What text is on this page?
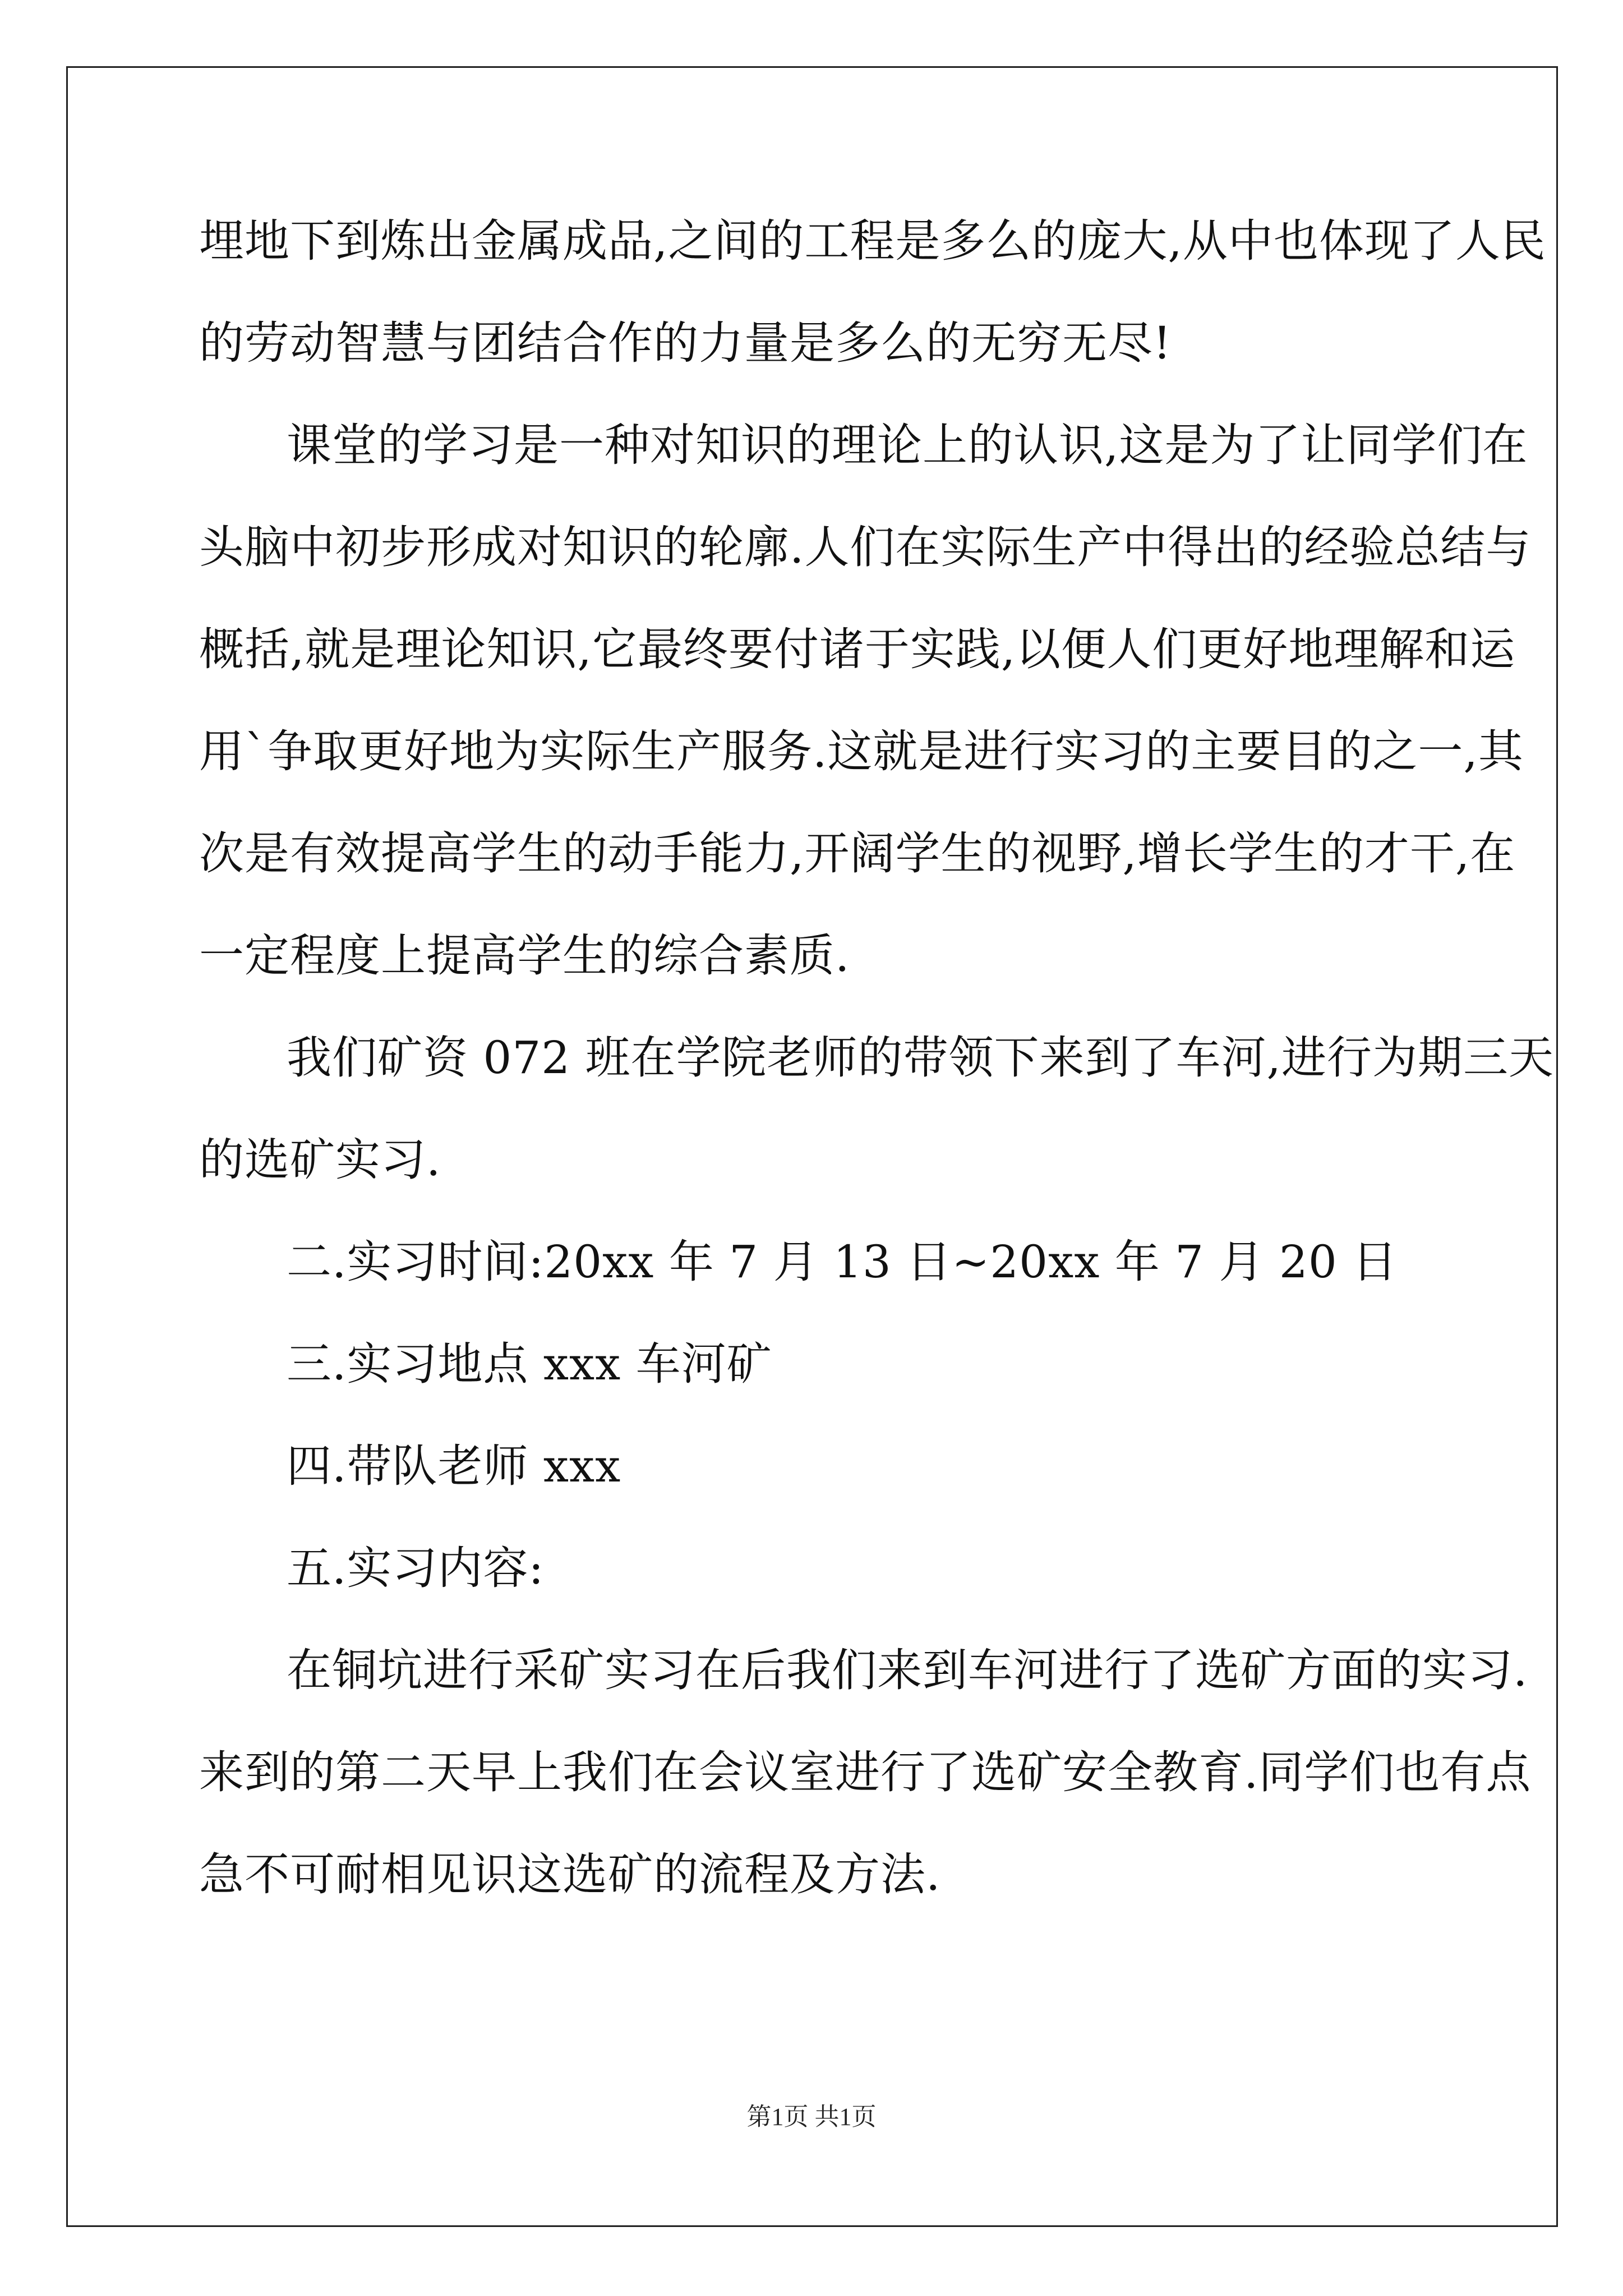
埋地下到炼出金属成品,之间的工程是多么的庞大,从中也体现了人民
的劳动智慧与团结合作的力量是多么的无穷无尽!
课堂的学习是一种对知识的理论上的认识,这是为了让同学们在
头脑中初步形成对知识的轮廓.人们在实际生产中得出的经验总结与
概括,就是理论知识,它最终要付诸于实践,以便人们更好地理解和运
用`争取更好地为实际生产服务.这就是进行实习的主要目的之一,其
次是有效提高学生的动手能力,开阔学生的视野,增长学生的才干,在
一定程度上提高学生的综合素质.
我们矿资 072 班在学院老师的带领下来到了车河,进行为期三天
的选矿实习.
二.实习时间:20xx 年 7 月 13 日~20xx 年 7 月 20 日
三.实习地点 xxx 车河矿
四.带队老师 xxx
五.实习内容:
在铜坑进行采矿实习在后我们来到车河进行了选矿方面的实习.
来到的第二天早上我们在会议室进行了选矿安全教育.同学们也有点
急不可耐相见识这选矿的流程及方法.
第1页 共1页
